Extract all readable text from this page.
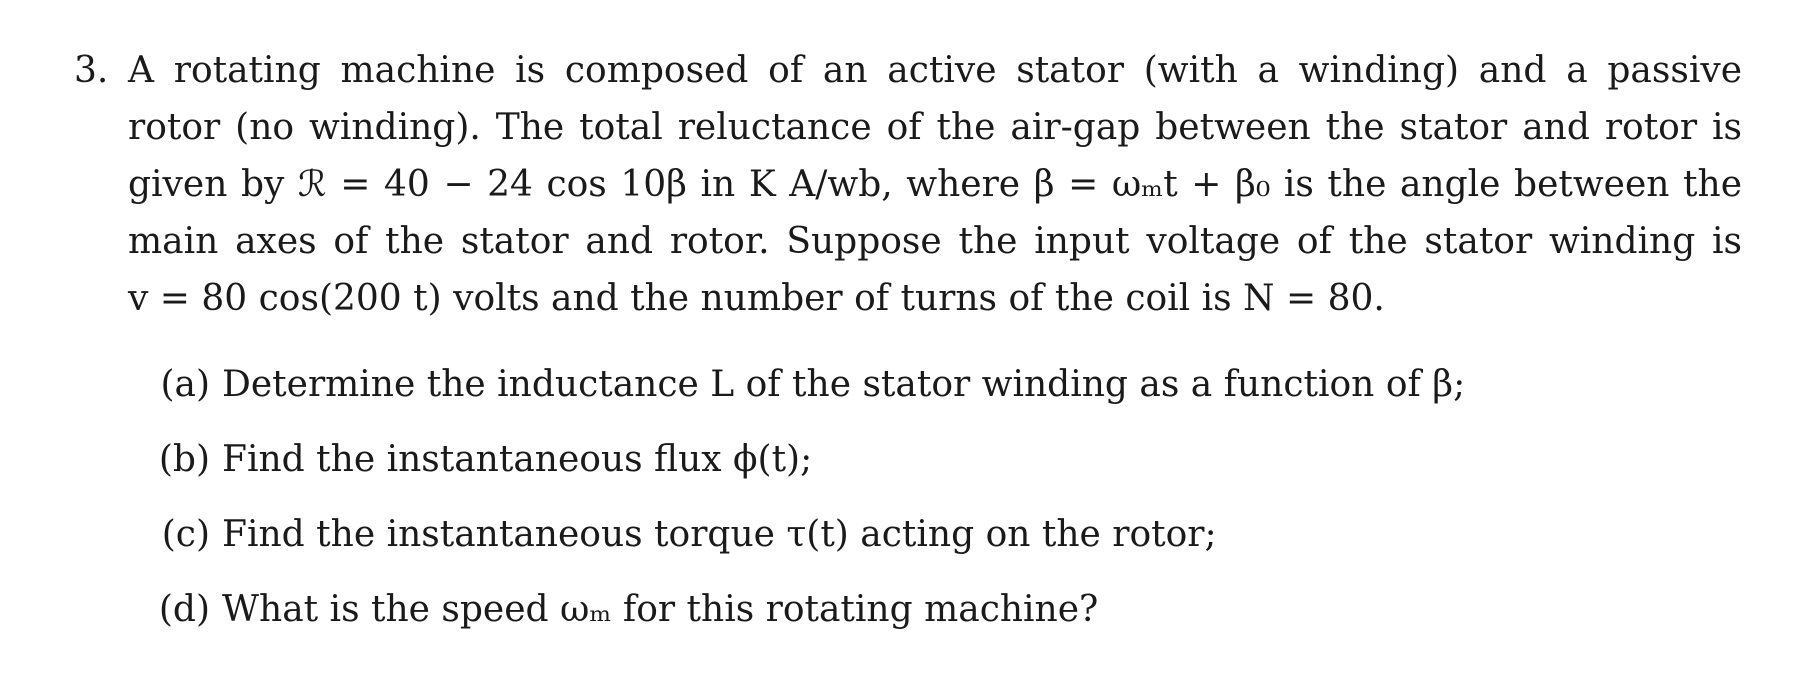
3. A rotating machine is composed of an active stator (with a winding) and a passive
rotor (no winding). The total reluctance of the air-gap between the stator and rotor is
given by ℛ = 40 − 24 cos 10β in K A/wb, where β = ωₘt + β₀ is the angle between the
main axes of the stator and rotor. Suppose the input voltage of the stator winding is
v = 80 cos(200 t) volts and the number of turns of the coil is N = 80.
(a) Determine the inductance L of the stator winding as a function of β;
(b) Find the instantaneous flux ϕ(t);
(c) Find the instantaneous torque τ(t) acting on the rotor;
(d) What is the speed ωₘ for this rotating machine?
